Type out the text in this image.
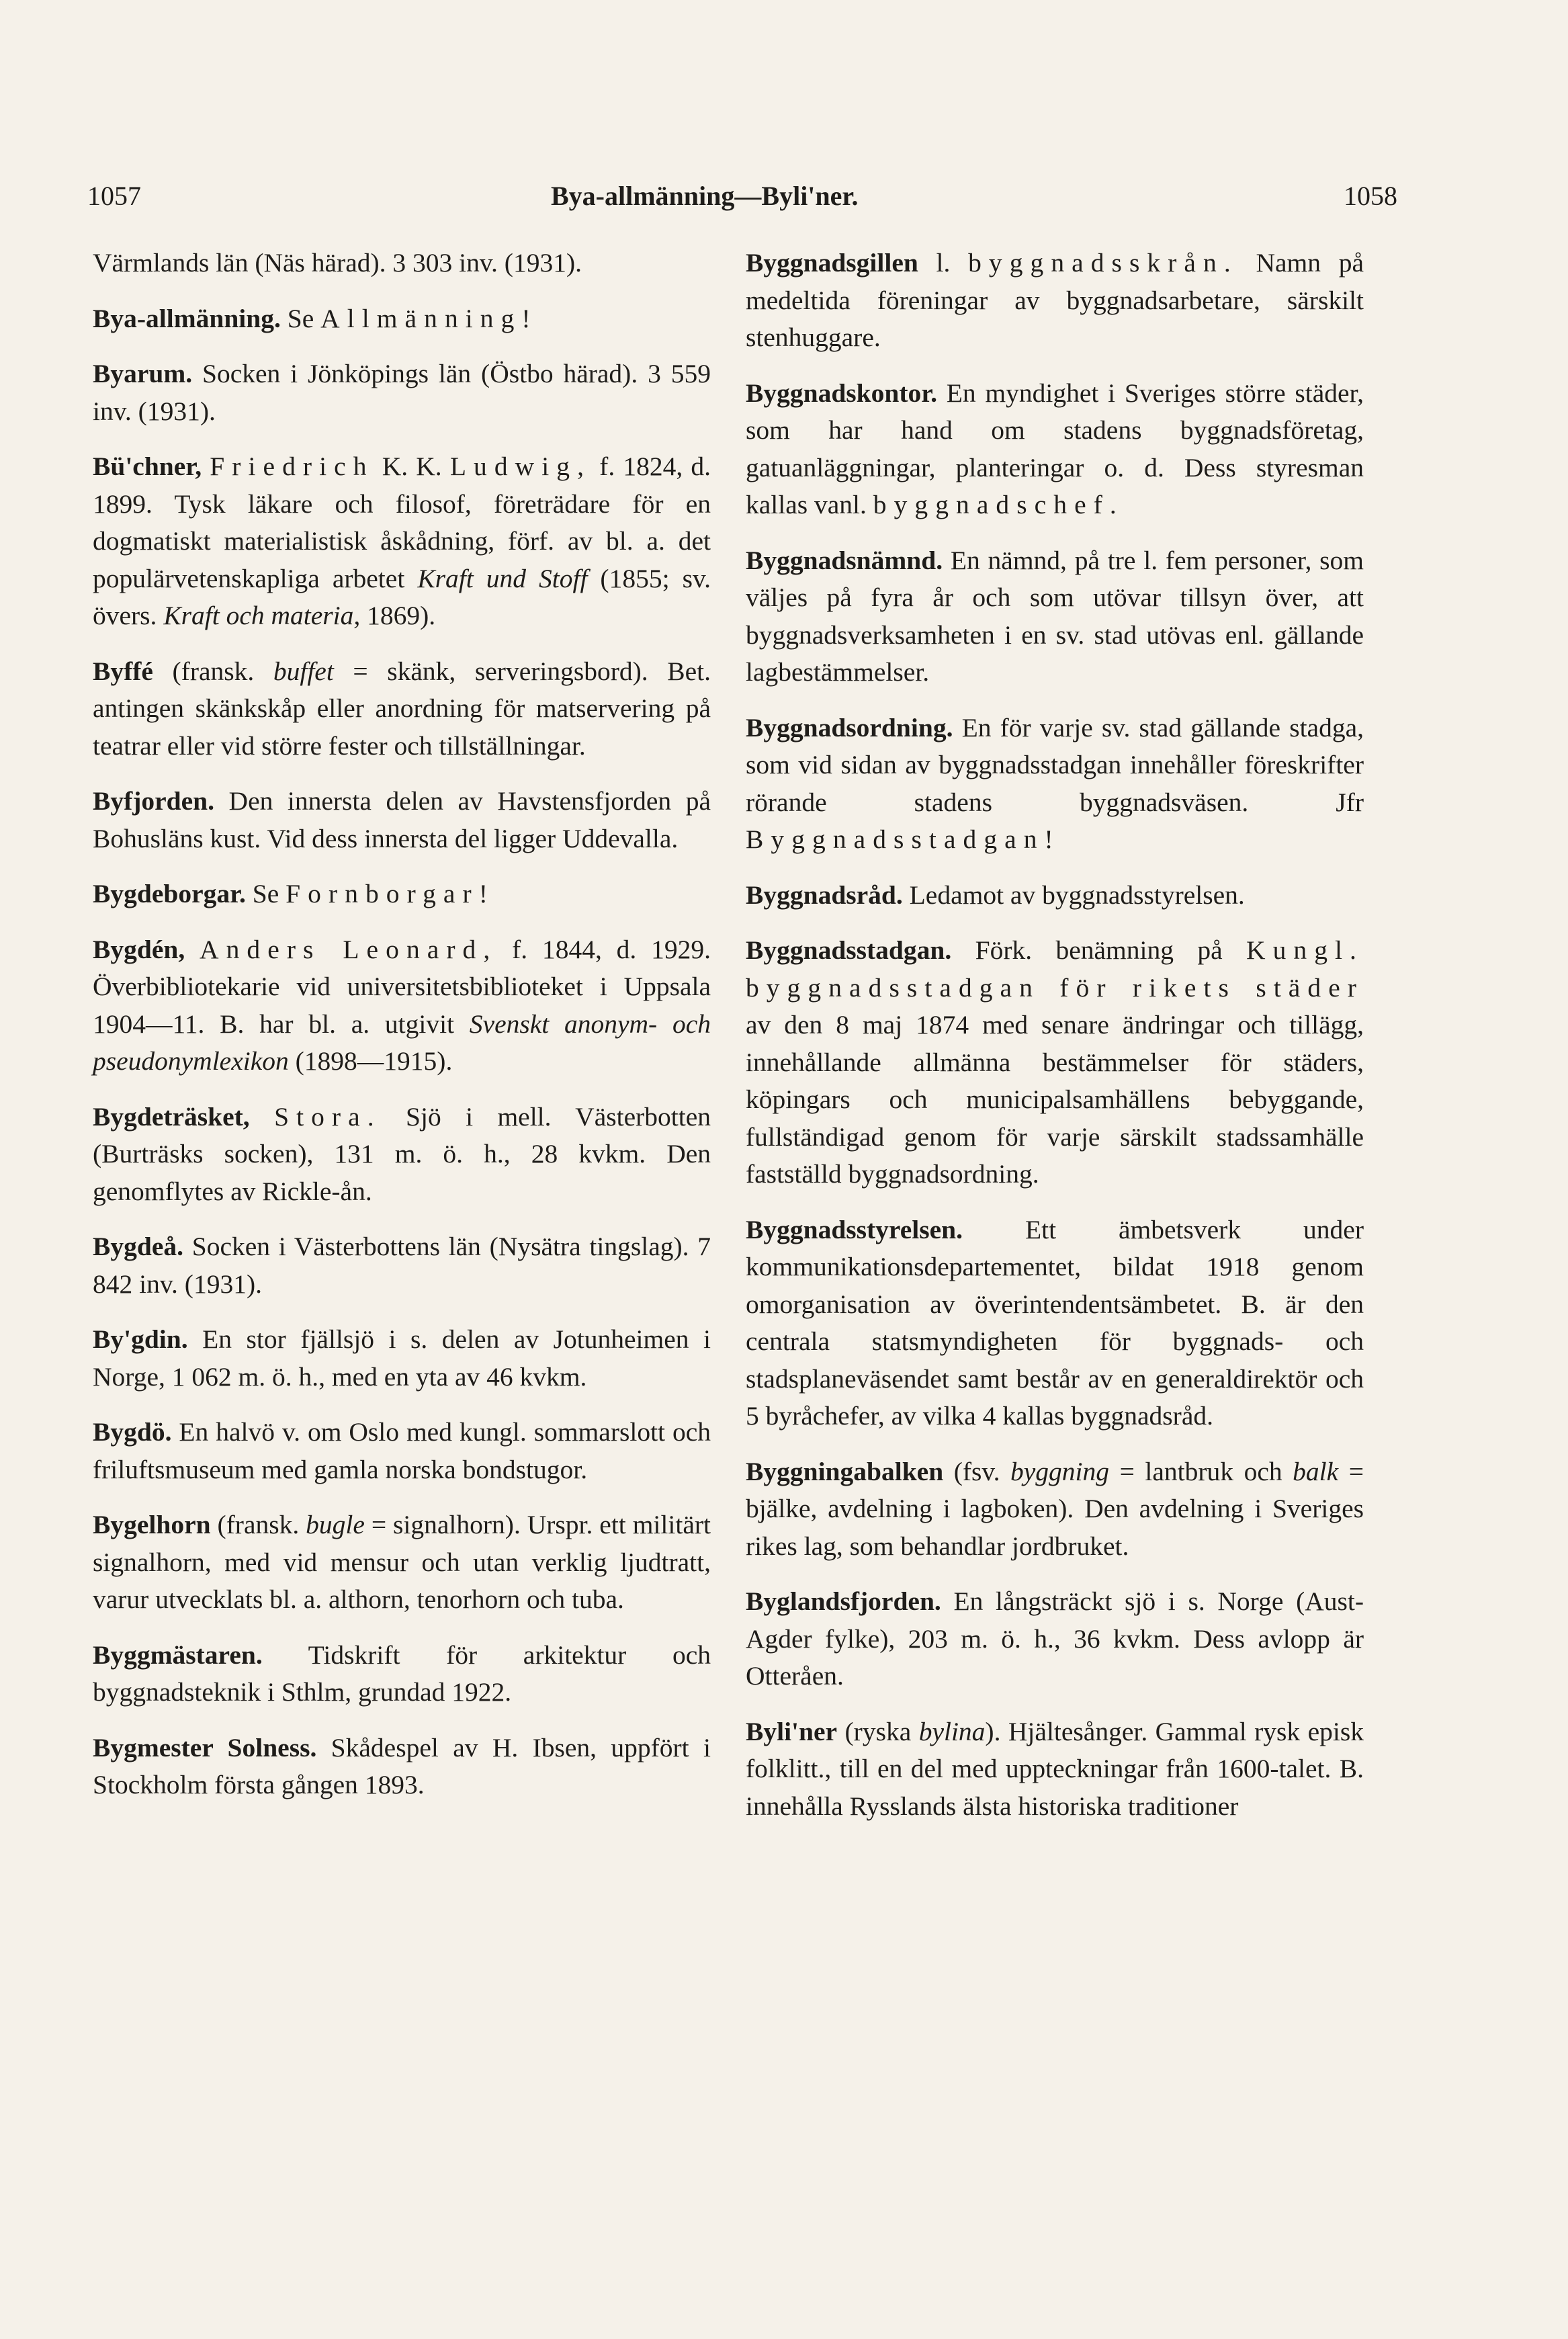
1057	Bya-allmänning—Byli'ner.	1058

Värmlands län (Näs härad). 3 303 inv. (1931).

Bya-allmänning. Se Allmänning!

Byarum. Socken i Jönköpings län (Östbo härad). 3 559 inv. (1931).

Bü'chner, Friedrich K. K. Ludwig, f. 1824, d. 1899. Tysk läkare och filosof, företrädare för en dogmatiskt materialistisk åskådning, förf. av bl. a. det populärvetenskapliga arbetet Kraft und Stoff (1855; sv. övers. Kraft och materia, 1869).

Byffé (fransk. buffet = skänk, serveringsbord). Bet. antingen skänkskåp eller anordning för matservering på teatrar eller vid större fester och tillställningar.

Byfjorden. Den innersta delen av Havstensfjorden på Bohusläns kust. Vid dess innersta del ligger Uddevalla.

Bygdeborgar. Se Fornborgar!

Bygdén, Anders Leonard, f. 1844, d. 1929. Överbibliotekarie vid universitetsbiblioteket i Uppsala 1904—11. B. har bl. a. utgivit Svenskt anonym- och pseudonymlexikon (1898—1915).

Bygdeträsket, Stora. Sjö i mell. Västerbotten (Burträsks socken), 131 m. ö. h., 28 kvkm. Den genomflytes av Rickle-ån.

Bygdeå. Socken i Västerbottens län (Nysätra tingslag). 7 842 inv. (1931).

By'gdin. En stor fjällsjö i s. delen av Jotunheimen i Norge, 1 062 m. ö. h., med en yta av 46 kvkm.

Bygdö. En halvö v. om Oslo med kungl. sommarslott och friluftsmuseum med gamla norska bondstugor.

Bygelhorn (fransk. bugle = signalhorn). Urspr. ett militärt signalhorn, med vid mensur och utan verklig ljudtratt, varur utvecklats bl. a. althorn, tenorhorn och tuba.

Byggmästaren. Tidskrift för arkitektur och byggnadsteknik i Sthlm, grundad 1922.

Bygmester Solness. Skådespel av H. Ibsen, uppfört i Stockholm första gången 1893.

Byggnadsgillen l. byggnadsskrån. Namn på medeltida föreningar av byggnadsarbetare, särskilt stenhuggare.

Byggnadskontor. En myndighet i Sveriges större städer, som har hand om stadens byggnadsföretag, gatuanläggningar, planteringar o. d. Dess styresman kallas vanl. byggnadschef.

Byggnadsnämnd. En nämnd, på tre l. fem personer, som väljes på fyra år och som utövar tillsyn över, att byggnadsverksamheten i en sv. stad utövas enl. gällande lagbestämmelser.

Byggnadsordning. En för varje sv. stad gällande stadga, som vid sidan av byggnadsstadgan innehåller föreskrifter rörande stadens byggnadsväsen. Jfr Byggnadsstadgan!

Byggnadsråd. Ledamot av byggnadsstyrelsen.

Byggnadsstadgan. Förk. benämning på Kungl. byggnadsstadgan för rikets städer av den 8 maj 1874 med senare ändringar och tillägg, innehållande allmänna bestämmelser för städers, köpingars och municipalsamhällens bebyggande, fullständigad genom för varje särskilt stadssamhälle fastställd byggnadsordning.

Byggnadsstyrelsen. Ett ämbetsverk under kommunikationsdepartementet, bildat 1918 genom omorganisation av överintendentsämbetet. B. är den centrala statsmyndigheten för byggnads- och stadsplaneväsendet samt består av en generaldirektör och 5 byråchefer, av vilka 4 kallas byggnadsråd.

Byggningabalken (fsv. byggning = lantbruk och balk = bjälke, avdelning i lagboken). Den avdelning i Sveriges rikes lag, som behandlar jordbruket.

Byglandsfjorden. En långsträckt sjö i s. Norge (Aust-Agder fylke), 203 m. ö. h., 36 kvkm. Dess avlopp är Otteråen.

Byli'ner (ryska bylina). Hjältesånger. Gammal rysk episk folklitt., till en del med uppteckningar från 1600-talet. B. innehålla Rysslands älsta historiska traditioner
